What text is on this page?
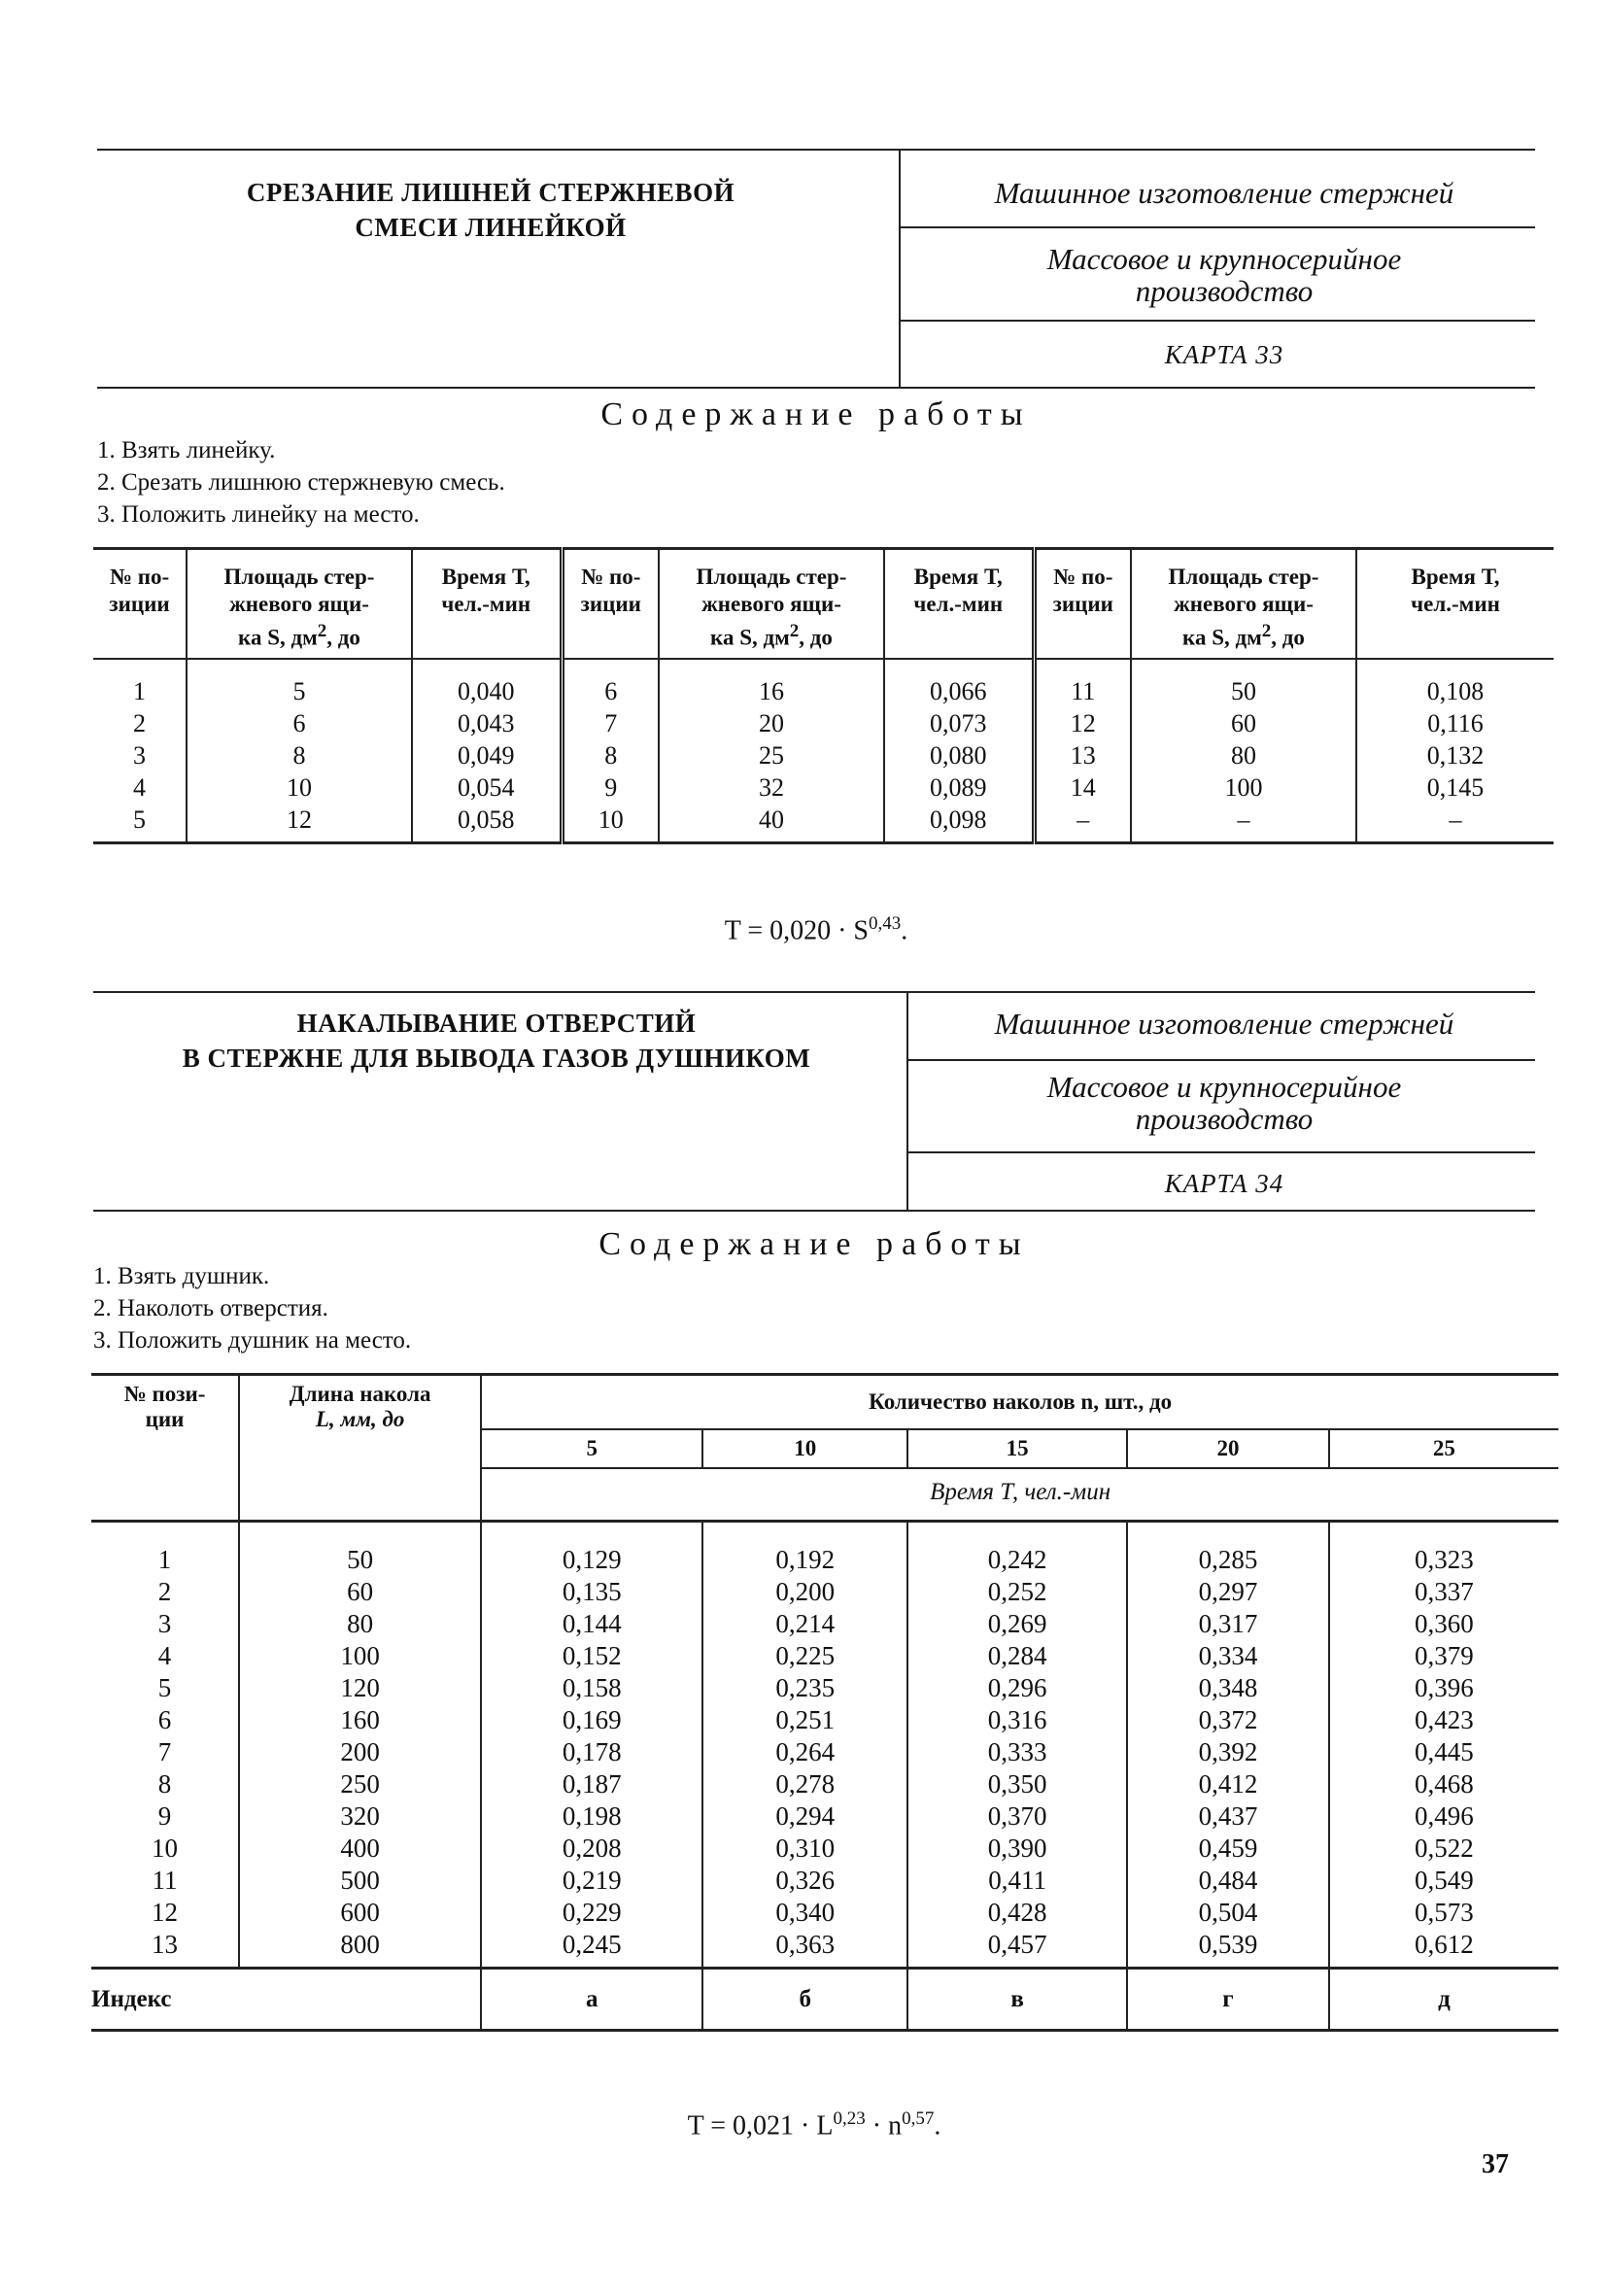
СРЕЗАНИЕ ЛИШНЕЙ СТЕРЖНЕВОЙ
СМЕСИ ЛИНЕЙКОЙ
Машинное изготовление стержней
Массовое и крупносерийное
производство
КАРТА 33
Содержание работы
1. Взять линейку.
2. Срезать лишнюю стержневую смесь.
3. Положить линейку на место.
№ по-
зиции	Площадь стер-
жневого ящи-
ка S, $дм^2$, до	Время Т,
чел.-мин	№ по-
зиции	Площадь стер-
жневого ящи-
ка S, $дм^2$, до	Время Т,
чел.-мин	№ по-
зиции	Площадь стер-
жневого ящи-
ка S, $дм^2$, до	Время Т,
чел.-мин
1	5	0,040	6	16	0,066	11	50	0,108
2	6	0,043	7	20	0,073	12	60	0,116
3	8	0,049	8	25	0,080	13	80	0,132
4	10	0,054	9	32	0,089	14	100	0,145
5	12	0,058	10	40	0,098	–	–	–
T = 0,020 · S$^{0,43}$.
НАКАЛЫВАНИЕ ОТВЕРСТИЙ
В СТЕРЖНЕ ДЛЯ ВЫВОДА ГАЗОВ ДУШНИКОМ
Машинное изготовление стержней
Массовое и крупносерийное
производство
КАРТА 34
Содержание работы
1. Взять душник.
2. Наколоть отверстия.
3. Положить душник на место.
№ пози-
ции	Длина накола
L, мм, до	Количество наколов n, шт., до				
		5	10	15	20	25
		Время Т, чел.-мин				
1	50	0,129	0,192	0,242	0,285	0,323
2	60	0,135	0,200	0,252	0,297	0,337
3	80	0,144	0,214	0,269	0,317	0,360
4	100	0,152	0,225	0,284	0,334	0,379
5	120	0,158	0,235	0,296	0,348	0,396
6	160	0,169	0,251	0,316	0,372	0,423
7	200	0,178	0,264	0,333	0,392	0,445
8	250	0,187	0,278	0,350	0,412	0,468
9	320	0,198	0,294	0,370	0,437	0,496
10	400	0,208	0,310	0,390	0,459	0,522
11	500	0,219	0,326	0,411	0,484	0,549
12	600	0,229	0,340	0,428	0,504	0,573
13	800	0,245	0,363	0,457	0,539	0,612
Индекс		а	б	в	г	д
$T = 0,021 \cdot L^{0,23} \cdot n^{0,57}$.
37
